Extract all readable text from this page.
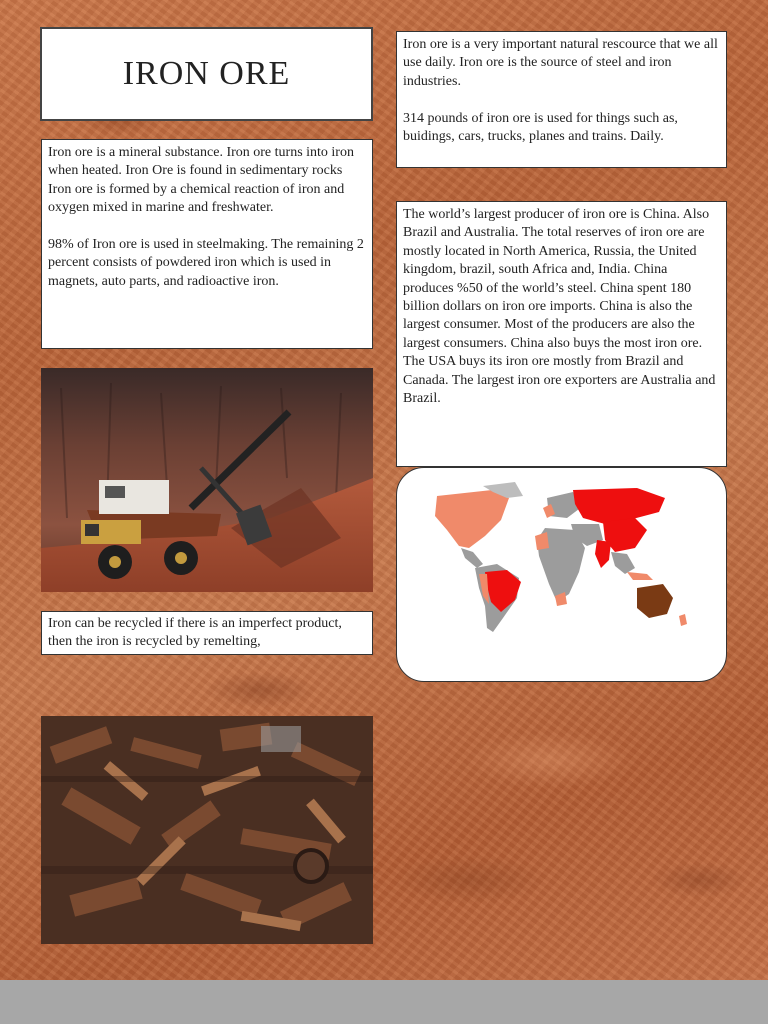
IRON ORE
Iron ore is a very important natural rescource that we all use daily. Iron ore is the source of steel and iron industries.

314 pounds of iron ore is used for things such as, buidings, cars, trucks, planes and trains. Daily.
Iron ore is a mineral substance. Iron ore turns into iron when heated. Iron Ore is found in sedimentary rocks
Iron ore is formed by a chemical reaction of iron and oxygen mixed in marine and freshwater.

98% of Iron ore is used in steelmaking. The remaining 2 percent consists of powdered iron which is used in magnets, auto parts, and radioactive iron.
The world’s largest producer of iron ore is China. Also Brazil and Australia. The total reserves of iron ore are mostly located in North America, Russia, the United kingdom, brazil, south Africa and, India. China produces %50 of the world’s steel. China spent 180 billion dollars on iron ore imports. China is also the largest consumer. Most of the producers are also the largest consumers. China also buys the most iron ore. The USA buys its iron ore mostly from Brazil and Canada. The largest iron ore exporters are Australia and Brazil.
Iron can be recycled if there is an imperfect product, then the iron is recycled by remelting,
